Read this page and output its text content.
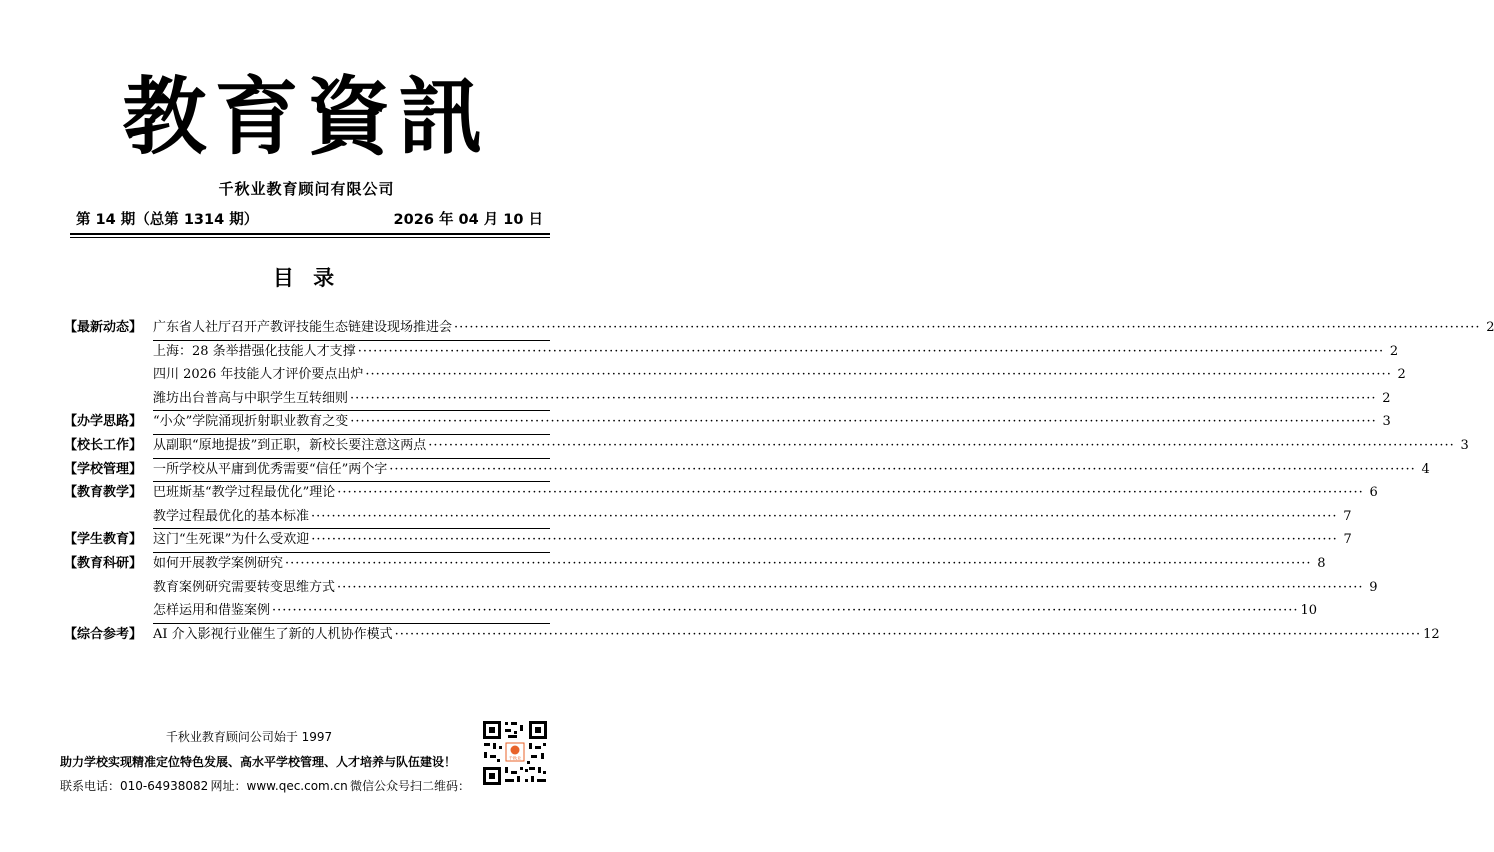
教育資訊
千秋业教育顾问有限公司
第 14 期（总第 1314 期）	2026 年 04 月 10 日
目 录
【最新动态】 广东省人社厅召开产教评技能生态链建设现场推进会 ········································································································································································································ 2
上海：28 条举措强化技能人才支撑 ········································································································································································································ 2
四川 2026 年技能人才评价要点出炉 ········································································································································································································ 2
潍坊出台普高与中职学生互转细则 ········································································································································································································ 2
【办学思路】 “小众”学院涌现折射职业教育之变 ········································································································································································································ 3
【校长工作】 从副职“原地提拔”到正职，新校长要注意这两点 ········································································································································································································ 3
【学校管理】 一所学校从平庸到优秀需要“信任”两个字 ········································································································································································································ 4
【教育教学】 巴班斯基“教学过程最优化”理论 ········································································································································································································ 6
教学过程最优化的基本标准 ········································································································································································································ 7
【学生教育】 这门“生死课”为什么受欢迎 ········································································································································································································ 7
【教育科研】 如何开展教学案例研究 ········································································································································································································ 8
教育案例研究需要转变思维方式 ········································································································································································································ 9
怎样运用和借鉴案例 ········································································································································································································ 10
【综合参考】 AI 介入影视行业催生了新的人机协作模式 ········································································································································································································ 12
千秋业教育顾问公司始于 1997
助力学校实现精准定位特色发展、高水平学校管理、人才培养与队伍建设！
联系电话：010-64938082 网址：www.qec.com.cn 微信公众号扫二维码：
千秋业
